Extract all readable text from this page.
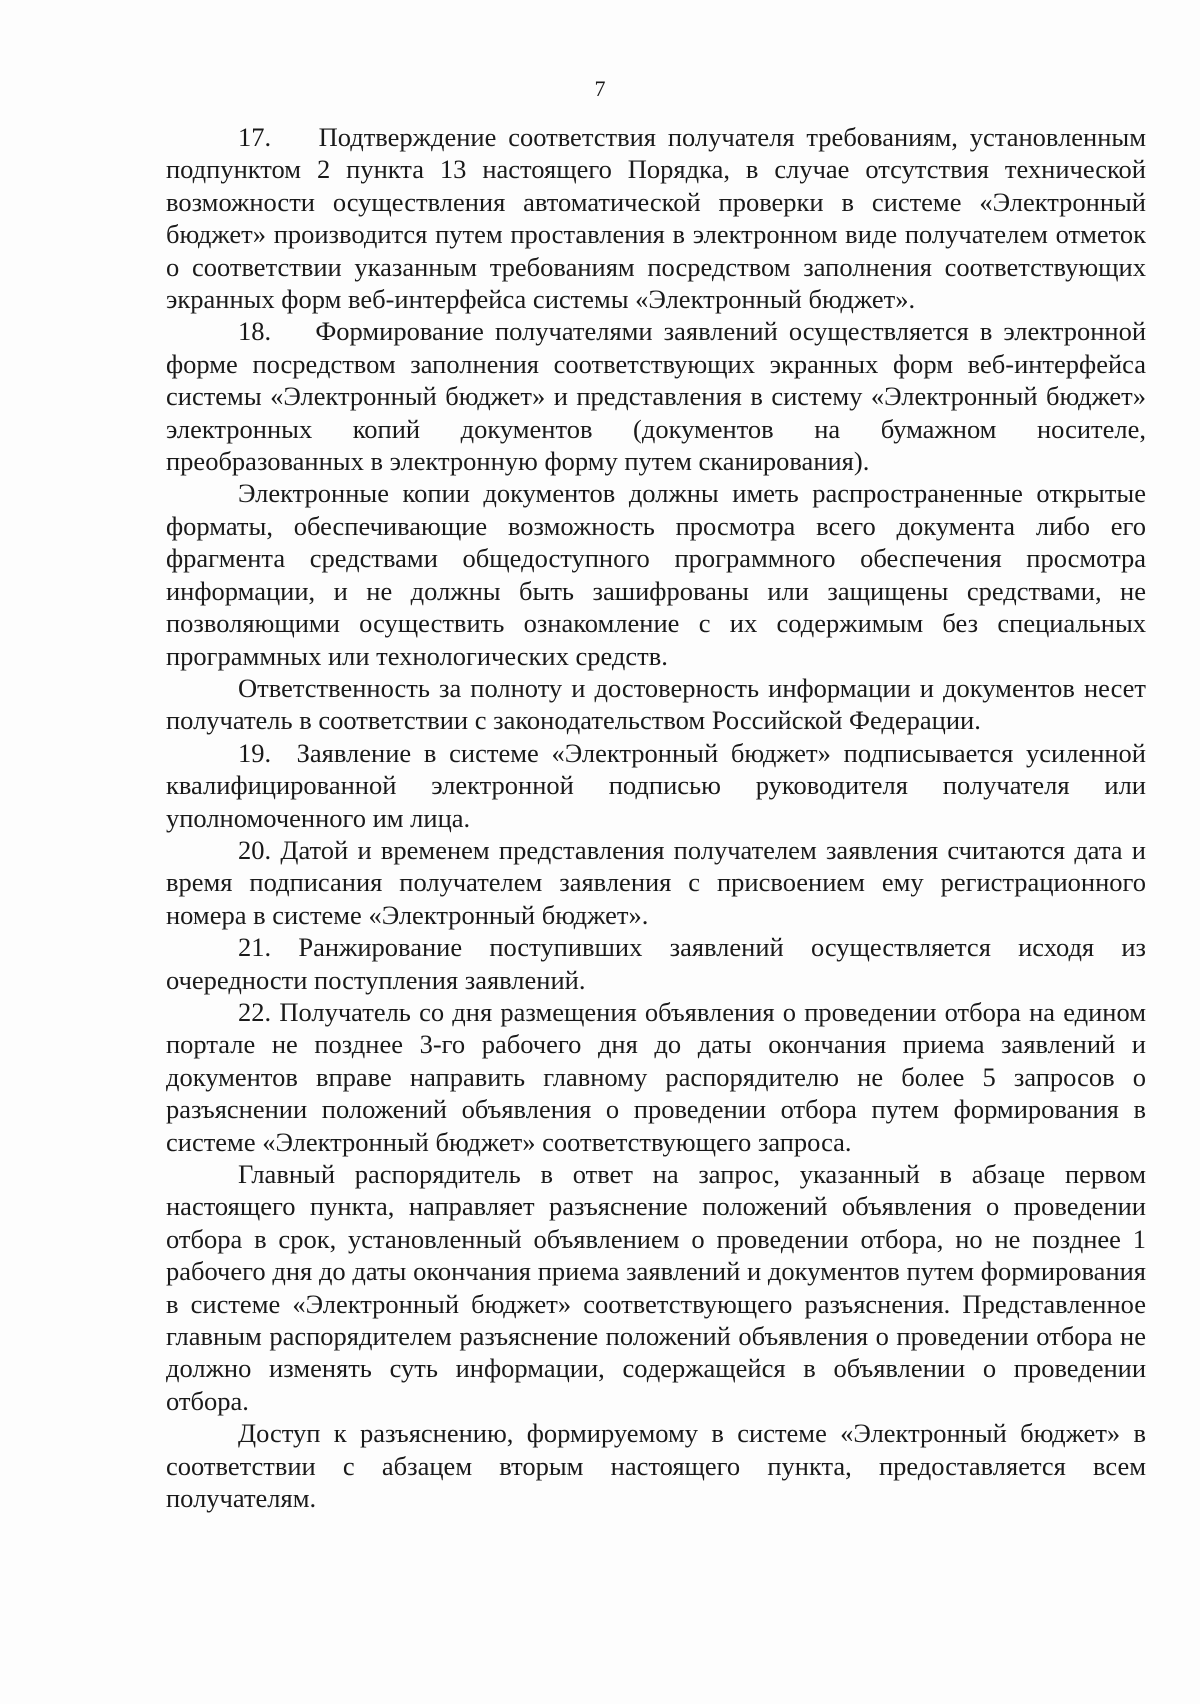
7

17.    Подтверждение соответствия получателя требованиям, установленным подпунктом 2 пункта 13 настоящего Порядка, в случае отсутствия технической возможности осуществления автоматической проверки в системе «Электронный бюджет» производится путем проставления в электронном виде получателем отметок о соответствии указанным требованиям посредством заполнения соответствующих экранных форм веб-интерфейса системы «Электронный бюджет».

18.    Формирование получателями заявлений осуществляется в электронной форме посредством заполнения соответствующих экранных форм веб-интерфейса системы «Электронный бюджет» и представления в систему «Электронный бюджет» электронных копий документов (документов на бумажном носителе, преобразованных в электронную форму путем сканирования).

Электронные копии документов должны иметь распространенные открытые форматы, обеспечивающие возможность просмотра всего документа либо его фрагмента средствами общедоступного программного обеспечения просмотра информации, и не должны быть зашифрованы или защищены средствами, не позволяющими осуществить ознакомление с их содержимым без специальных программных или технологических средств.

Ответственность за полноту и достоверность информации и документов несет получатель в соответствии с законодательством Российской Федерации.

19.  Заявление в системе «Электронный бюджет» подписывается усиленной квалифицированной электронной подписью руководителя получателя или уполномоченного им лица.

20. Датой и временем представления получателем заявления считаются дата и время подписания получателем заявления с присвоением ему регистрационного номера в системе «Электронный бюджет».

21. Ранжирование поступивших заявлений осуществляется исходя из очередности поступления заявлений.

22. Получатель со дня размещения объявления о проведении отбора на едином портале не позднее 3-го рабочего дня до даты окончания приема заявлений и документов вправе направить главному распорядителю не более 5 запросов о разъяснении положений объявления о проведении отбора путем формирования в системе «Электронный бюджет» соответствующего запроса.

Главный распорядитель в ответ на запрос, указанный в абзаце первом настоящего пункта, направляет разъяснение положений объявления о проведении отбора в срок, установленный объявлением о проведении отбора, но не позднее 1 рабочего дня до даты окончания приема заявлений и документов путем формирования в системе «Электронный бюджет» соответствующего разъяснения. Представленное главным распорядителем разъяснение положений объявления о проведении отбора не должно изменять суть информации, содержащейся в объявлении о проведении отбора.

Доступ к разъяснению, формируемому в системе «Электронный бюджет» в соответствии с абзацем вторым настоящего пункта, предоставляется всем получателям.
